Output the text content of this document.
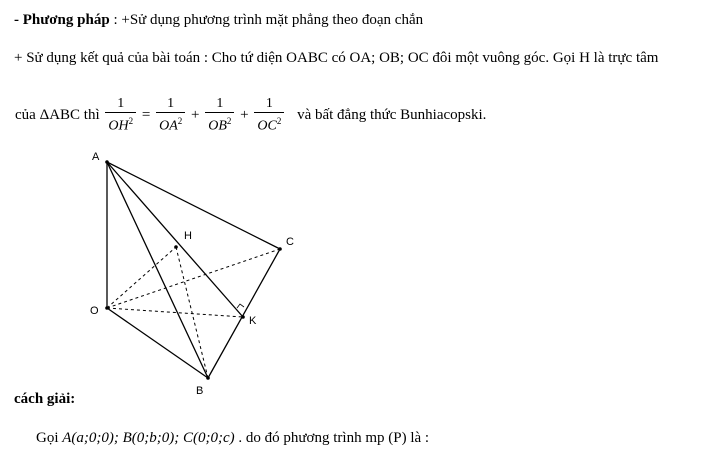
- Phương pháp : +Sử dụng phương trình mặt phẳng theo đoạn chắn
+ Sử dụng kết quả của bài toán : Cho tứ diện OABC có OA; OB; OC đôi một vuông góc. Gọi H là trực tâm
của ΔABC thì $\frac{1}{OH^2} = \frac{1}{OA^2} + \frac{1}{OB^2} + \frac{1}{OC^2}$ và bất đẳng thức Bunhiacopski.
A
H	C
O
K
B
cách giải:
Gọi A(a;0;0); B(0;b;0); C(0;0;c) . do đó phương trình mp (P) là :
